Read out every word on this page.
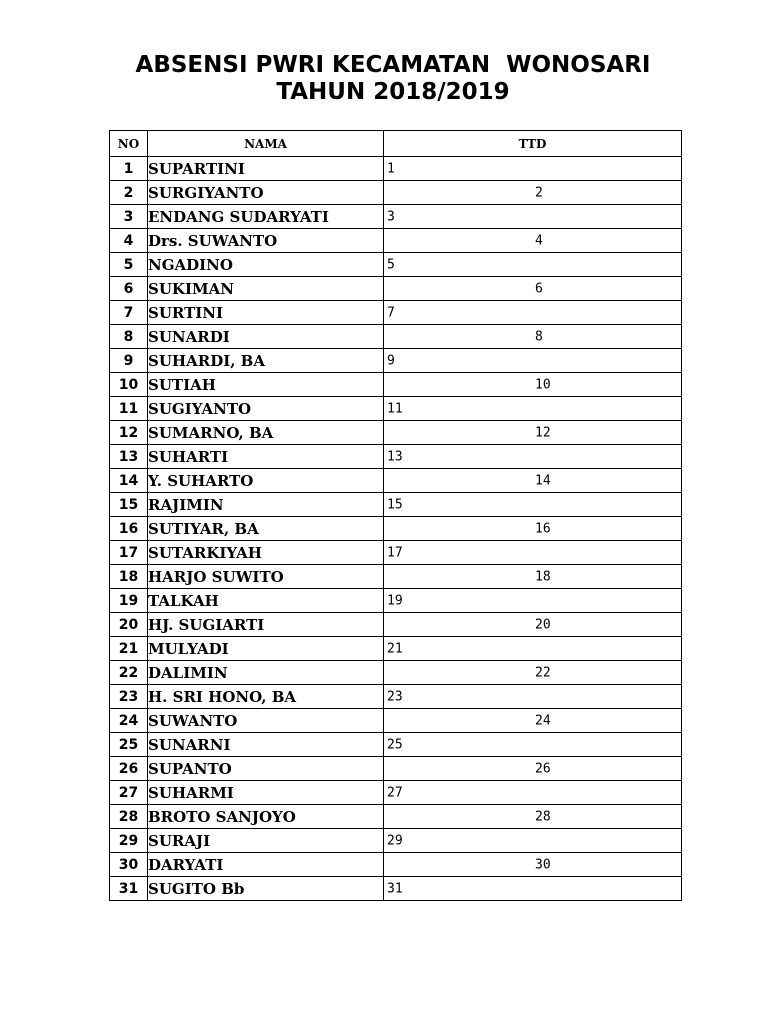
ABSENSI PWRI KECAMATAN  WONOSARI
TAHUN 2018/2019
NO	NAMA	TTD
1	SUPARTINI	1

2	SURGIYANTO	2

3	ENDANG SUDARYATI	3

4	Drs. SUWANTO	4

5	NGADINO	5

6	SUKIMAN	6

7	SURTINI	7

8	SUNARDI	8

9	SUHARDI, BA	9

10	SUTIAH	10

11	SUGIYANTO	11

12	SUMARNO, BA	12

13	SUHARTI	13

14	Y. SUHARTO	14

15	RAJIMIN	15

16	SUTIYAR, BA	16

17	SUTARKIYAH	17

18	HARJO SUWITO	18

19	TALKAH	19

20	HJ. SUGIARTI	20

21	MULYADI	21

22	DALIMIN	22

23	H. SRI HONO, BA	23

24	SUWANTO	24

25	SUNARNI	25

26	SUPANTO	26

27	SUHARMI	27

28	BROTO SANJOYO	28

29	SURAJI	29

30	DARYATI	30

31	SUGITO Bb	31
